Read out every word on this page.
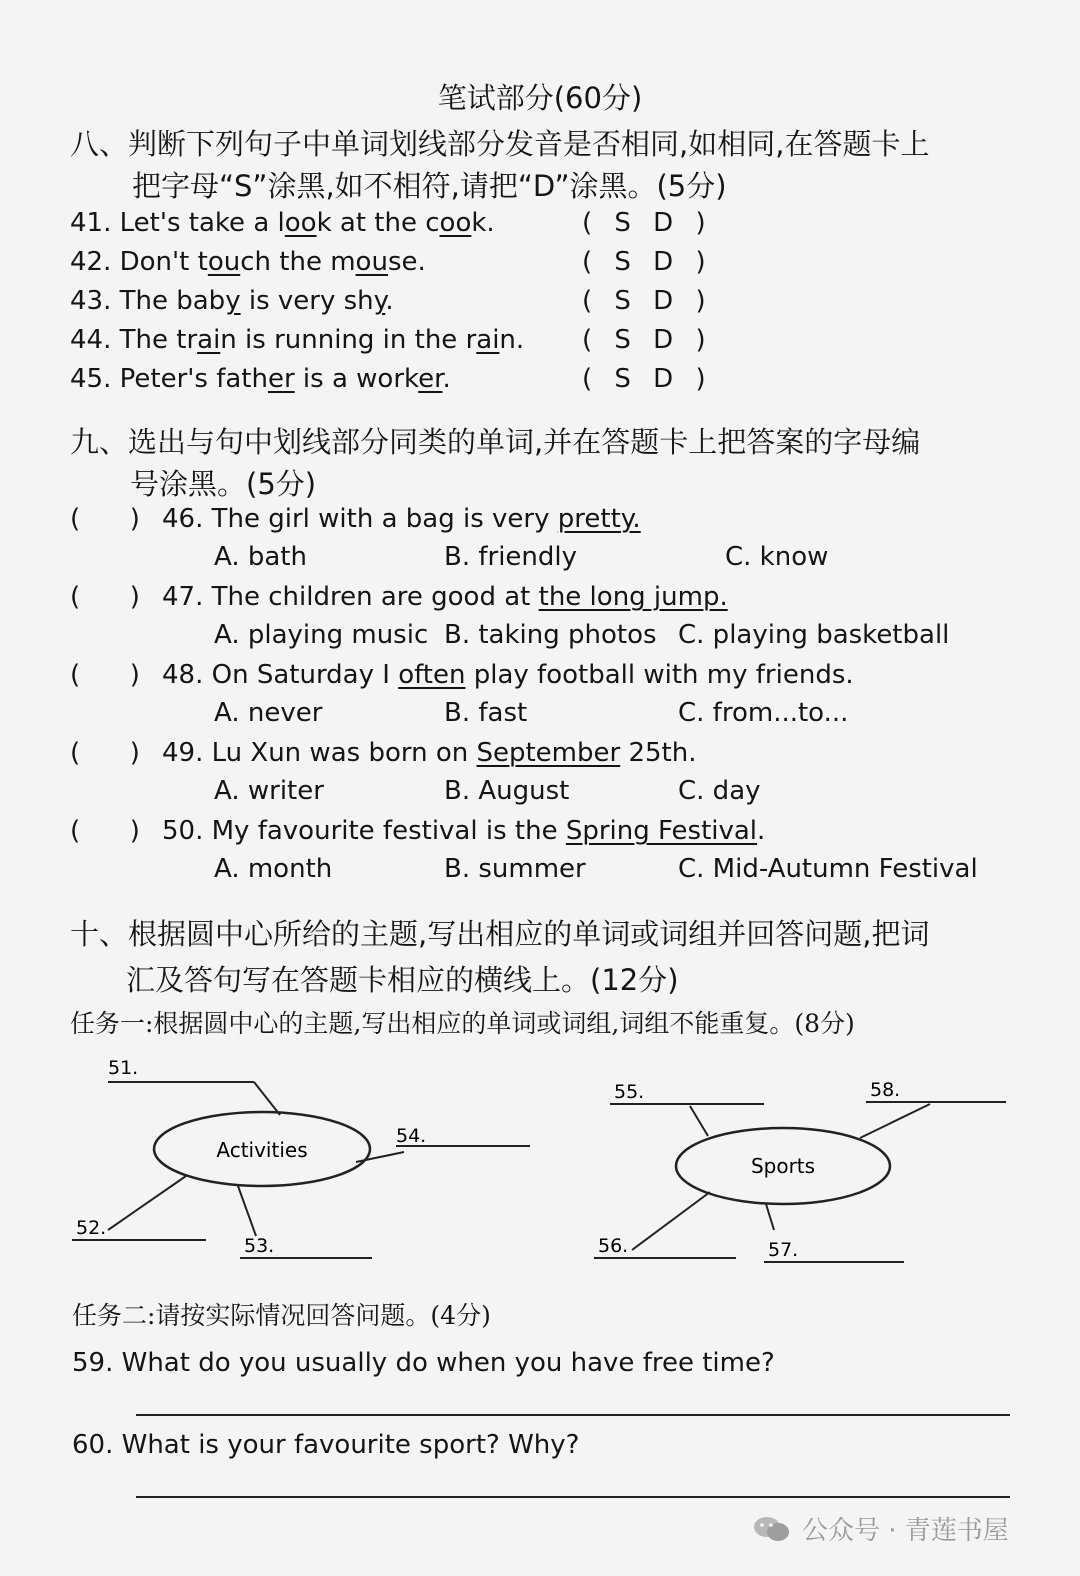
笔试部分(60分)
八、判断下列句子中单词划线部分发音是否相同,如相同,在答题卡上
把字母“S”涂黑,如不相符,请把“D”涂黑。(5分)
41. Let's take a look at the cook.	( S D )
42. Don't touch the mouse.	( S D )
43. The baby is very shy.	( S D )
44. The train is running in the rain. ( S D )
45. Peter's father is a worker.	( S D )
九、选出与句中划线部分同类的单词,并在答题卡上把答案的字母编
号涂黑。(5分)
(      ) 46. The girl with a bag is very pretty.
A. bath	B. friendly	C. know
(      ) 47. The children are good at the long jump.
A. playing music B. taking photos C. playing basketball
(      ) 48. On Saturday I often play football with my friends.
A. never	B. fast	C. from...to...
(      ) 49. Lu Xun was born on September 25th.
A. writer	B. August	C. day
(      ) 50. My favourite festival is the Spring Festival.
A. month	B. summer	C. Mid-Autumn Festival
十、根据圆中心所给的主题,写出相应的单词或词组并回答问题,把词
汇及答句写在答题卡相应的横线上。(12分)
任务一:根据圆中心的主题,写出相应的单词或词组,词组不能重复。(8分)
Activities
51.
52.
53.
54.
Sports
55.
56.	57.
58.
任务二:请按实际情况回答问题。(4分)
59. What do you usually do when you have free time?
60. What is your favourite sport? Why?
公众号 · 青莲书屋
